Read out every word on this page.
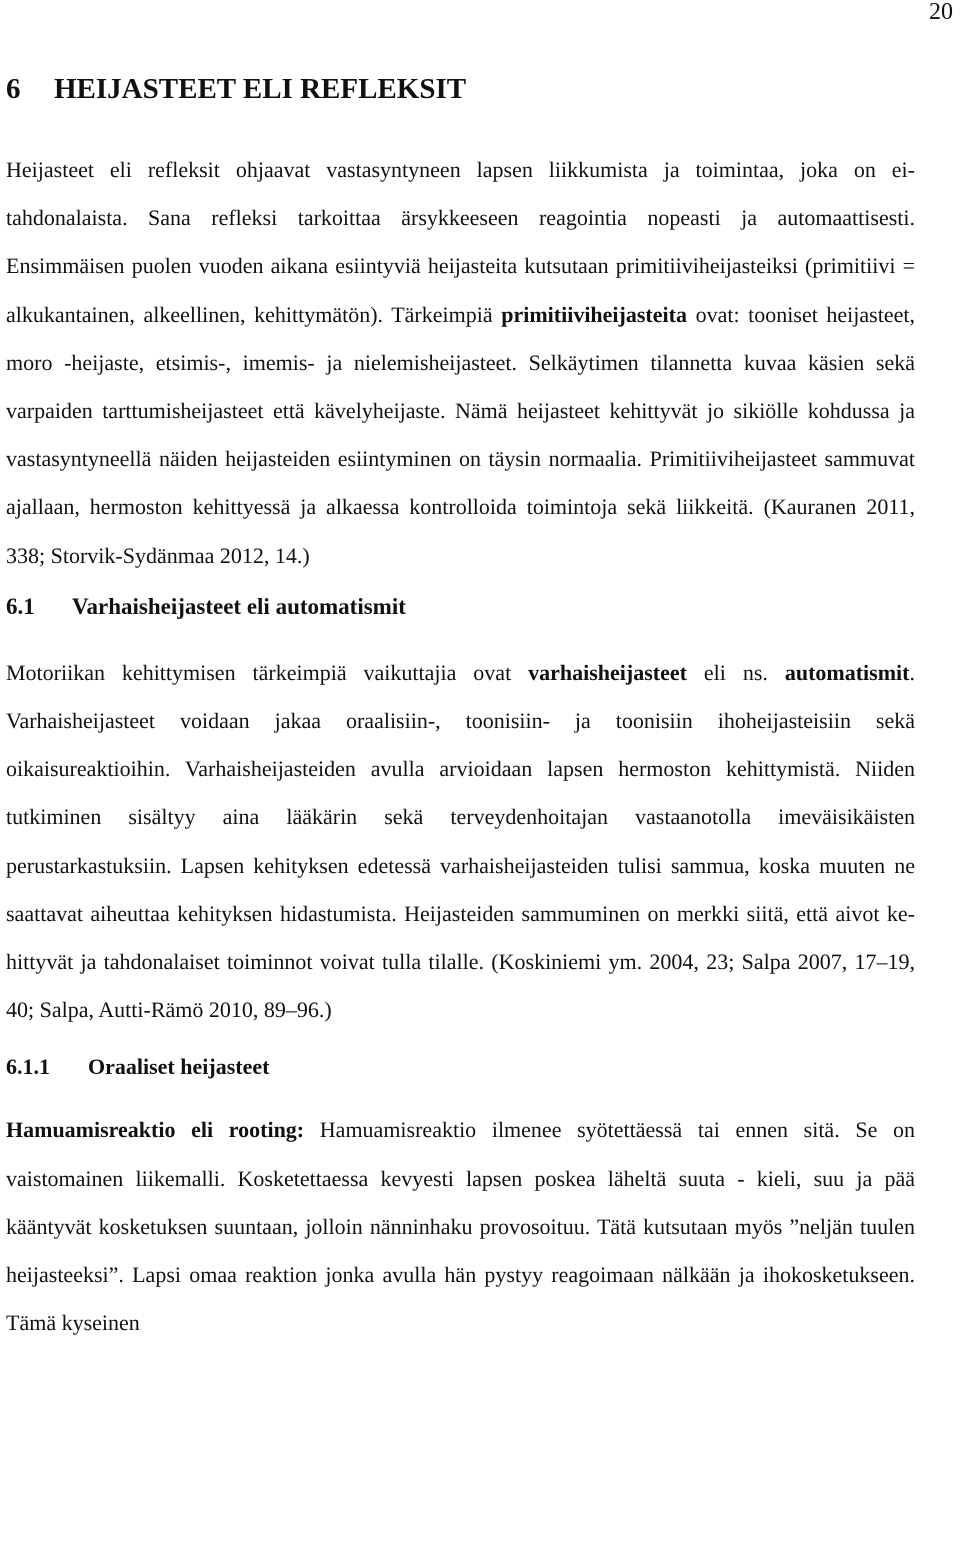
20
6 HEIJASTEET ELI REFLEKSIT

Heijasteet eli refleksit ohjaavat vastasyntyneen lapsen liikkumista ja toimintaa, joka on ei-tahdonalaista. Sana refleksi tarkoittaa ärsykkeeseen reagointia nopeasti ja automaattisesti. Ensimmäisen puolen vuoden aikana esiintyviä heijasteita kutsutaan primitiiviheijasteiksi (primitiivi = alkukantainen, alkeellinen, kehittymätön). Tärkeimpiä primitiiviheijasteita ovat: tooniset heijasteet, moro -heijaste, etsimis-, imemis- ja nielemisheijasteet. Selkäytimen tilannetta kuvaa käsien sekä varpaiden tarttumisheijasteet että kävelyheijaste. Nämä heijasteet kehittyvät jo sikiölle kohdussa ja vastasyntyneellä näiden heijasteiden esiintyminen on täysin normaalia. Primitiiviheijasteet sammuvat ajallaan, hermoston kehittyessä ja alkaessa kontrolloida toimintoja sekä liikkeitä. (Kauranen 2011, 338; Storvik-Sydänmaa 2012, 14.)

6.1 Varhaisheijasteet eli automatismit

Motoriikan kehittymisen tärkeimpiä vaikuttajia ovat varhaisheijasteet eli ns. automatismit. Varhaisheijasteet voidaan jakaa oraalisiin-, toonisiin- ja toonisiin ihoheijasteisiin sekä oikaisureaktioihin. Varhaisheijasteiden avulla arvioidaan lapsen hermoston kehittymistä. Niiden tutkiminen sisältyy aina lääkärin sekä terveydenhoitajan vastaanotolla imeväisikäisten perustarkastuksiin. Lapsen kehityksen edetessä varhaisheijasteiden tulisi sammua, koska muuten ne saattavat aiheuttaa kehityksen hidastumista. Heijasteiden sammuminen on merkki siitä, että aivot kehittyvät ja tahdonalaiset toiminnot voivat tulla tilalle. (Koskiniemi ym. 2004, 23; Salpa 2007, 17–19, 40; Salpa, Autti-Rämö 2010, 89–96.)

6.1.1 Oraaliset heijasteet

Hamuamisreaktio eli rooting: Hamuamisreaktio ilmenee syötettäessä tai ennen sitä. Se on vaistomainen liikemalli. Kosketettaessa kevyesti lapsen poskea läheltä suuta - kieli, suu ja pää kääntyvät kosketuksen suuntaan, jolloin nänninhaku provosoituu. Tätä kutsutaan myös ”neljän tuulen heijasteeksi”. Lapsi omaa reaktion jonka avulla hän pystyy reagoimaan nälkään ja ihokosketukseen. Tämä kyseinen
